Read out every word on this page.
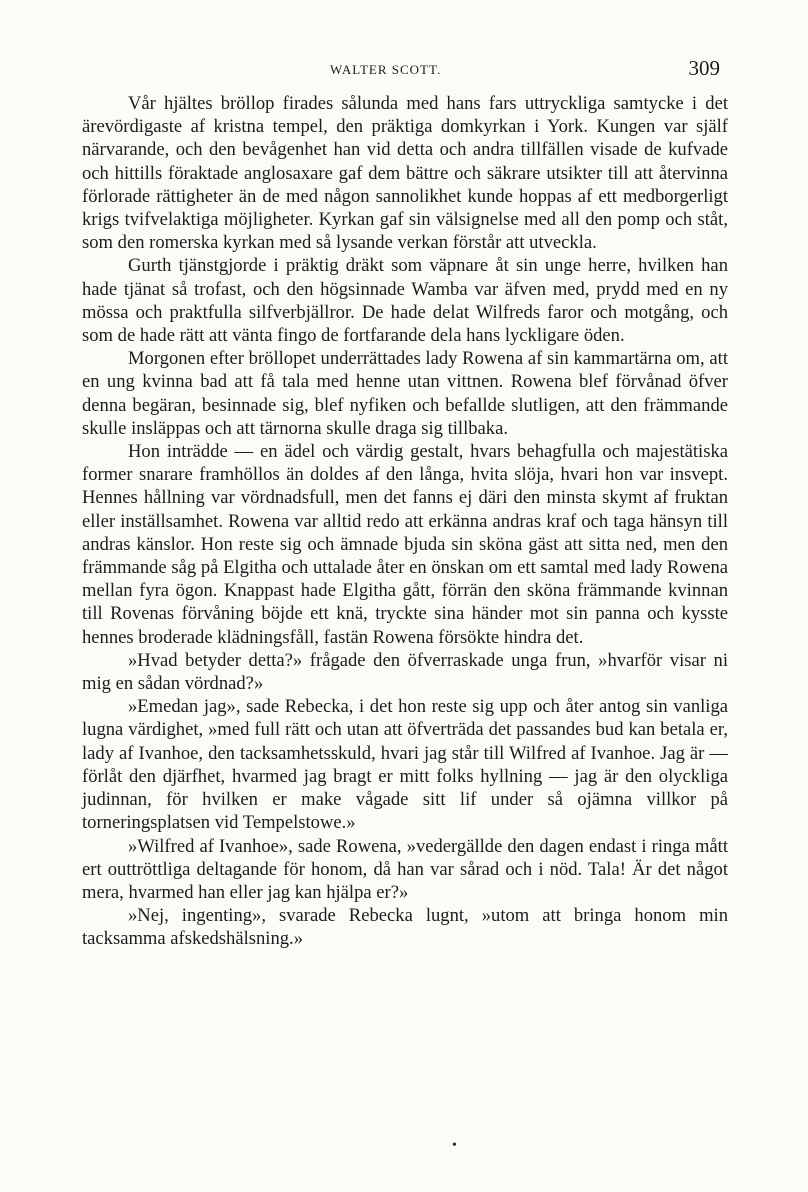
WALTER SCOTT.	309

Vår hjältes bröllop firades sålunda med hans fars uttryckliga samtycke i det ärevördigaste af kristna tempel, den präktiga domkyrkan i York. Kungen var själf närvarande, och den bevågenhet han vid detta och andra tillfällen visade de kufvade och hittills föraktade anglosaxare gaf dem bättre och säkrare utsikter till att återvinna förlorade rättigheter än de med någon sannolikhet kunde hoppas af ett medborgerligt krigs tvifvelaktiga möjligheter. Kyrkan gaf sin välsignelse med all den pomp och ståt, som den romerska kyrkan med så lysande verkan förstår att utveckla.

Gurth tjänstgjorde i präktig dräkt som väpnare åt sin unge herre, hvilken han hade tjänat så trofast, och den högsinnade Wamba var äfven med, prydd med en ny mössa och praktfulla silfverbjällror. De hade delat Wilfreds faror och motgång, och som de hade rätt att vänta fingo de fortfarande dela hans lyckligare öden.

Morgonen efter bröllopet underrättades lady Rowena af sin kammartärna om, att en ung kvinna bad att få tala med henne utan vittnen. Rowena blef förvånad öfver denna begäran, besinnade sig, blef nyfiken och befallde slutligen, att den främmande skulle insläppas och att tärnorna skulle draga sig tillbaka.

Hon inträdde — en ädel och värdig gestalt, hvars behagfulla och majestätiska former snarare framhöllos än doldes af den långa, hvita slöja, hvari hon var insvept. Hennes hållning var vördnadsfull, men det fanns ej däri den minsta skymt af fruktan eller inställsamhet. Rowena var alltid redo att erkänna andras kraf och taga hänsyn till andras känslor. Hon reste sig och ämnade bjuda sin sköna gäst att sitta ned, men den främmande såg på Elgitha och uttalade åter en önskan om ett samtal med lady Rowena mellan fyra ögon. Knappast hade Elgitha gått, förrän den sköna främmande kvinnan till Rovenas förvåning böjde ett knä, tryckte sina händer mot sin panna och kysste hennes broderade klädningsfåll, fastän Rowena försökte hindra det.

»Hvad betyder detta?» frågade den öfverraskade unga frun, »hvarför visar ni mig en sådan vördnad?»

»Emedan jag», sade Rebecka, i det hon reste sig upp och åter antog sin vanliga lugna värdighet, »med full rätt och utan att öfverträda det passandes bud kan betala er, lady af Ivanhoe, den tacksamhetsskuld, hvari jag står till Wilfred af Ivanhoe. Jag är — förlåt den djärfhet, hvarmed jag bragt er mitt folks hyllning — jag är den olyckliga judinnan, för hvilken er make vågade sitt lif under så ojämna villkor på torneringsplatsen vid Tempelstowe.»

»Wilfred af Ivanhoe», sade Rowena, »vedergällde den dagen endast i ringa mått ert outtröttliga deltagande för honom, då han var sårad och i nöd. Tala! Är det något mera, hvarmed han eller jag kan hjälpa er?»

»Nej, ingenting», svarade Rebecka lugnt, »utom att bringa honom min tacksamma afskedshälsning.»

•
